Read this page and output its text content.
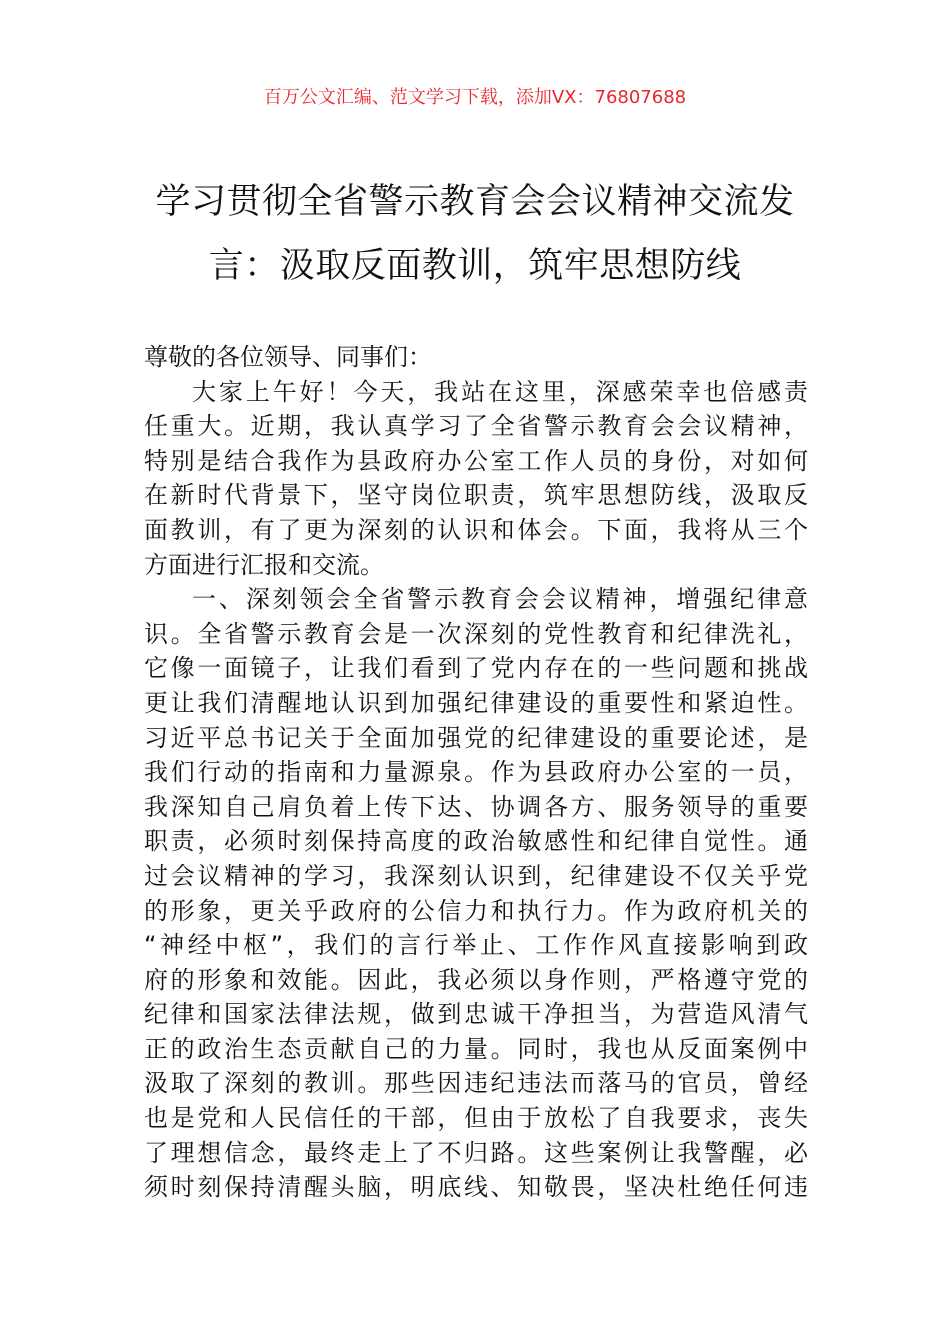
百万公文汇编、范文学习下载，添加VX：76807688
学习贯彻全省警示教育会会议精神交流发
言：汲取反面教训，筑牢思想防线
尊敬的各位领导、同事们：
大家上午好！今天，我站在这里，深感荣幸也倍感责
任重大。近期，我认真学习了全省警示教育会会议精神，
特别是结合我作为县政府办公室工作人员的身份，对如何
在新时代背景下，坚守岗位职责，筑牢思想防线，汲取反
面教训，有了更为深刻的认识和体会。下面，我将从三个
方面进行汇报和交流。
一、深刻领会全省警示教育会会议精神，增强纪律意
识。全省警示教育会是一次深刻的党性教育和纪律洗礼，
它像一面镜子，让我们看到了党内存在的一些问题和挑战
更让我们清醒地认识到加强纪律建设的重要性和紧迫性。
习近平总书记关于全面加强党的纪律建设的重要论述，是
我们行动的指南和力量源泉。作为县政府办公室的一员，
我深知自己肩负着上传下达、协调各方、服务领导的重要
职责，必须时刻保持高度的政治敏感性和纪律自觉性。通
过会议精神的学习，我深刻认识到，纪律建设不仅关乎党
的形象，更关乎政府的公信力和执行力。作为政府机关的
“神经中枢”，我们的言行举止、工作作风直接影响到政
府的形象和效能。因此，我必须以身作则，严格遵守党的
纪律和国家法律法规，做到忠诚干净担当，为营造风清气
正的政治生态贡献自己的力量。同时，我也从反面案例中
汲取了深刻的教训。那些因违纪违法而落马的官员，曾经
也是党和人民信任的干部，但由于放松了自我要求，丧失
了理想信念，最终走上了不归路。这些案例让我警醒，必
须时刻保持清醒头脑，明底线、知敬畏，坚决杜绝任何违
